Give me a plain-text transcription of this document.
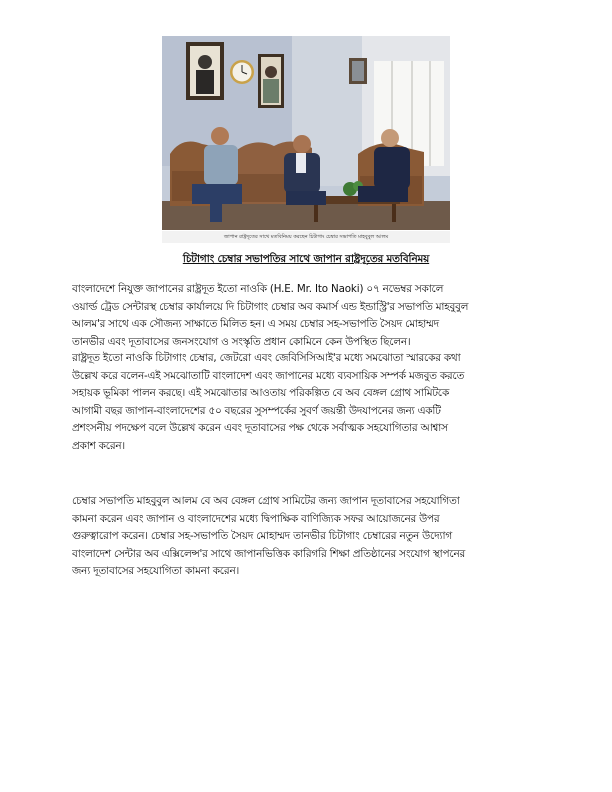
জাপান রাষ্ট্রদূতের সাথে মতবিনিময় করছেন চিটাগাং চেম্বার সভাপতি মাহবুবুল আলম
চিটাগাং চেম্বার সভাপতির সাথে জাপান রাষ্ট্রদূতের মতবিনিময়
বাংলাদেশে নিযুক্ত জাপানের রাষ্ট্রদূত ইতো নাওকি (H.E. Mr. Ito Naoki) ০৭ নভেম্বর সকালে
ওয়ার্ল্ড ট্রেড সেন্টারস্থ চেম্বার কার্যালয়ে দি চিটাগাং চেম্বার অব কমার্স এন্ড ইন্ডাস্ট্রি'র সভাপতি মাহবুবুল
আলম'র সাথে এক সৌজন্য সাক্ষাতে মিলিত হন। এ সময় চেম্বার সহ-সভাপতি সৈয়দ মোহাম্মদ
তানভীর এবং দূতাবাসের জনসংযোগ ও সংস্কৃতি প্রধান কোমিনে কেন উপস্থিত ছিলেন।
রাষ্ট্রদূত ইতো নাওকি চিটাগাং চেম্বার, জেটরো এবং জেবিসিসিআই'র মধ্যে সমঝোতা স্মারকের কথা
উল্লেখ করে বলেন-এই সমঝোতাটি বাংলাদেশ এবং জাপানের মধ্যে ব্যবসায়িক সম্পর্ক মজবুত করতে
সহায়ক ভূমিকা পালন করছে। এই সমঝোতার আওতায় পরিকল্পিত বে অব বেঙ্গল গ্রোথ সামিটকে
আগামী বছর জাপান-বাংলাদেশের ৫০ বছরের সুসম্পর্কের সুবর্ণ জয়ন্তী উদযাপনের জন্য একটি
প্রশংসনীয় পদক্ষেপ বলে উল্লেখ করেন এবং দূতাবাসের পক্ষ থেকে সর্বাত্মক সহযোগিতার আশ্বাস
প্রকাশ করেন।
চেম্বার সভাপতি মাহবুবুল আলম বে অব বেঙ্গল গ্রোথ সামিটের জন্য জাপান দূতাবাসের সহযোগিতা
কামনা করেন এবং জাপান ও বাংলাদেশের মধ্যে দ্বিপাক্ষিক বাণিজ্যিক সফর আয়োজনের উপর
গুরুত্বারোপ করেন। চেম্বার সহ-সভাপতি সৈয়দ মোহাম্মদ তানভীর চিটাগাং চেম্বারের নতুন উদ্যোগ
বাংলাদেশ সেন্টার অব এক্সিলেন্স'র সাথে জাপানভিত্তিক কারিগরি শিক্ষা প্রতিষ্ঠানের সংযোগ স্থাপনের
জন্য দূতাবাসের সহযোগিতা কামনা করেন।
